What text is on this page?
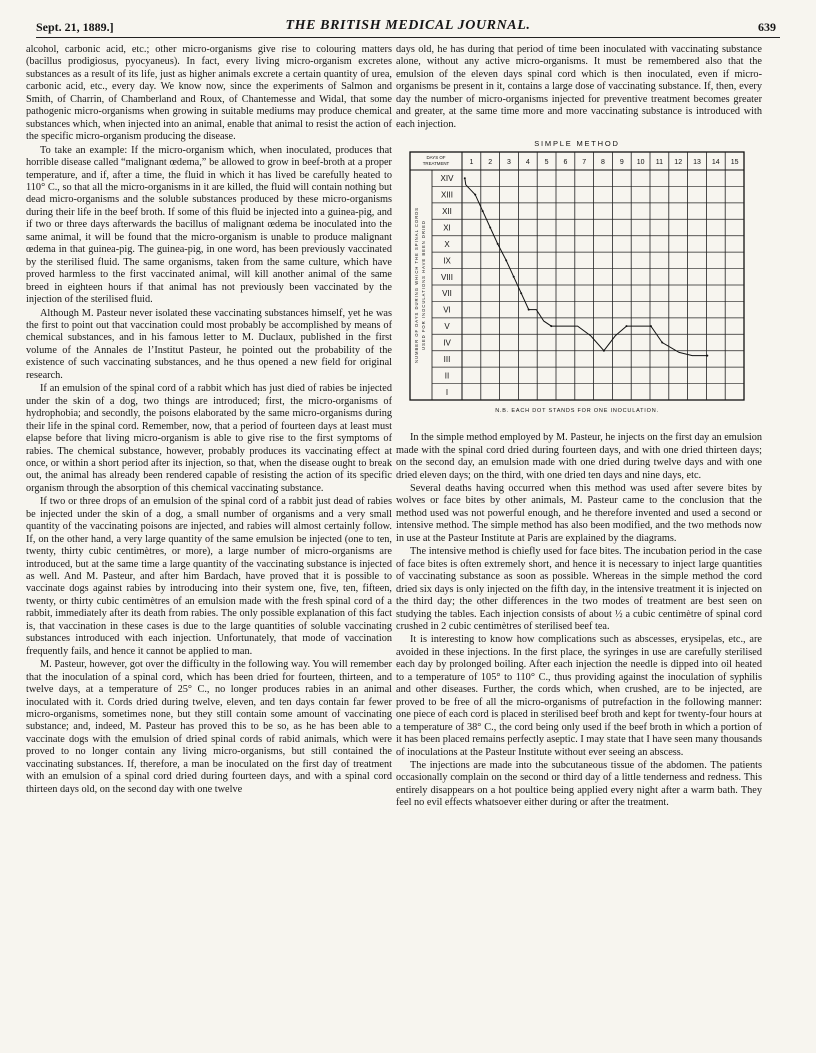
Sept. 21, 1889.]	THE BRITISH MEDICAL JOURNAL.	639

alcohol, carbonic acid, etc.; other micro-organisms give rise to colouring matters (bacillus prodigiosus, pyocyaneus). In fact, every living micro-organism excretes substances as a result of its life, just as higher animals excrete a certain quantity of urea, carbonic acid, etc., every day. We know now, since the experiments of Salmon and Smith, of Charrin, of Chamberland and Roux, of Chantemesse and Widal, that some pathogenic micro-organisms when growing in suitable mediums may produce chemical substances which, when injected into an animal, enable that animal to resist the action of the specific micro-organism producing the disease.

To take an example: If the micro-organism which, when inoculated, produces that horrible disease called “malignant œdema,” be allowed to grow in beef-broth at a proper temperature, and if, after a time, the fluid in which it has lived be carefully heated to 110° C., so that all the micro-organisms in it are killed, the fluid will contain nothing but dead micro-organisms and the soluble substances produced by these micro-organisms during their life in the beef broth. If some of this fluid be injected into a guinea-pig, and if two or three days afterwards the bacillus of malignant œdema be inoculated into the same animal, it will be found that the micro-organism is unable to produce malignant œdema in that guinea-pig. The guinea-pig, in one word, has been previously vaccinated by the sterilised fluid. The same organisms, taken from the same culture, which have proved harmless to the first vaccinated animal, will kill another animal of the same breed in eighteen hours if that animal has not previously been vaccinated by the injection of the sterilised fluid.

Although M. Pasteur never isolated these vaccinating substances himself, yet he was the first to point out that vaccination could most probably be accomplished by means of chemical substances, and in his famous letter to M. Duclaux, published in the first volume of the Annales de l’Institut Pasteur, he pointed out the probability of the existence of such vaccinating substances, and he thus opened a new field for original research.

If an emulsion of the spinal cord of a rabbit which has just died of rabies be injected under the skin of a dog, two things are introduced; first, the micro-organisms of hydrophobia; and secondly, the poisons elaborated by the same micro-organisms during their life in the spinal cord. Remember, now, that a period of fourteen days at least must elapse before that living micro-organism is able to give rise to the first symptoms of rabies. The chemical substance, however, probably produces its vaccinating effect at once, or within a short period after its injection, so that, when the disease ought to break out, the animal has already been rendered capable of resisting the action of its specific organism through the absorption of this chemical vaccinating substance.

If two or three drops of an emulsion of the spinal cord of a rabbit just dead of rabies be injected under the skin of a dog, a small number of organisms and a very small quantity of the vaccinating poisons are injected, and rabies will almost certainly follow. If, on the other hand, a very large quantity of the same emulsion be injected (one to ten, twenty, thirty cubic centimètres, or more), a large number of micro-organisms are introduced, but at the same time a large quantity of the vaccinating substance is injected as well. And M. Pasteur, and after him Bardach, have proved that it is possible to vaccinate dogs against rabies by introducing into their system one, five, ten, fifteen, twenty, or thirty cubic centimètres of an emulsion made with the fresh spinal cord of a rabbit, immediately after its death from rabies. The only possible explanation of this fact is, that vaccination in these cases is due to the large quantities of soluble vaccinating substances introduced with each injection. Unfortunately, that mode of vaccination frequently fails, and hence it cannot be applied to man.

M. Pasteur, however, got over the difficulty in the following way. You will remember that the inoculation of a spinal cord, which has been dried for fourteen, thirteen, and twelve days, at a temperature of 25° C., no longer produces rabies in an animal inoculated with it. Cords dried during twelve, eleven, and ten days contain far fewer micro-organisms, sometimes none, but they still contain some amount of vaccinating substance; and, indeed, M. Pasteur has proved this to be so, as he has been able to vaccinate dogs with the emulsion of dried spinal cords of rabid animals, which were proved to no longer contain any living micro-organisms, but still contained the vaccinating substances. If, therefore, a man be inoculated on the first day of treatment with an emulsion of a spinal cord dried during fourteen days, and with a spinal cord thirteen days old, on the second day with one twelve

days old, he has during that period of time been inoculated with vaccinating substance alone, without any active micro-organisms. It must be remembered also that the emulsion of the eleven days spinal cord which is then inoculated, even if micro-organisms be present in it, contains a large dose of vaccinating substance. If, then, every day the number of micro-organisms injected for preventive treatment becomes greater and greater, at the same time more and more vaccinating substance is introduced with each injection.

SIMPLE METHOD
DAYS OF TREATMENT	1 2 3 4 5 6 7 8 9 10 11 12 13 14 15
XIV
XIII
XII
XI
X
IX
VIII
VII
VI
V
IV
III
II
I
NUMBER OF DAYS DURING WHICH THE SPINAL CORDS USED FOR INOCULATIONS HAVE BEEN DRIED
N.B. EACH DOT STANDS FOR ONE INOCULATION.

In the simple method employed by M. Pasteur, he injects on the first day an emulsion made with the spinal cord dried during fourteen days, and with one dried thirteen days; on the second day, an emulsion made with one dried during twelve days and with one dried eleven days; on the third, with one dried ten days and nine days, etc.

Several deaths having occurred when this method was used after severe bites by wolves or face bites by other animals, M. Pasteur came to the conclusion that the method used was not powerful enough, and he therefore invented and used a second or intensive method. The simple method has also been modified, and the two methods now in use at the Pasteur Institute at Paris are explained by the diagrams.

The intensive method is chiefly used for face bites. The incubation period in the case of face bites is often extremely short, and hence it is necessary to inject large quantities of vaccinating substance as soon as possible. Whereas in the simple method the cord dried six days is only injected on the fifth day, in the intensive treatment it is injected on the third day; the other differences in the two modes of treatment are best seen on studying the tables. Each injection consists of about ½ a cubic centimètre of spinal cord crushed in 2 cubic centimètres of sterilised beef tea.

It is interesting to know how complications such as abscesses, erysipelas, etc., are avoided in these injections. In the first place, the syringes in use are carefully sterilised each day by prolonged boiling. After each injection the needle is dipped into oil heated to a temperature of 105° to 110° C., thus providing against the inoculation of syphilis and other diseases. Further, the cords which, when crushed, are to be injected, are proved to be free of all the micro-organisms of putrefaction in the following manner: one piece of each cord is placed in sterilised beef broth and kept for twenty-four hours at a temperature of 38° C., the cord being only used if the beef broth in which a portion of it has been placed remains perfectly aseptic. I may state that I have seen many thousands of inoculations at the Pasteur Institute without ever seeing an abscess.

The injections are made into the subcutaneous tissue of the abdomen. The patients occasionally complain on the second or third day of a little tenderness and redness. This entirely disappears on a hot poultice being applied every night after a warm bath. They feel no evil effects whatsoever either during or after the treatment.
